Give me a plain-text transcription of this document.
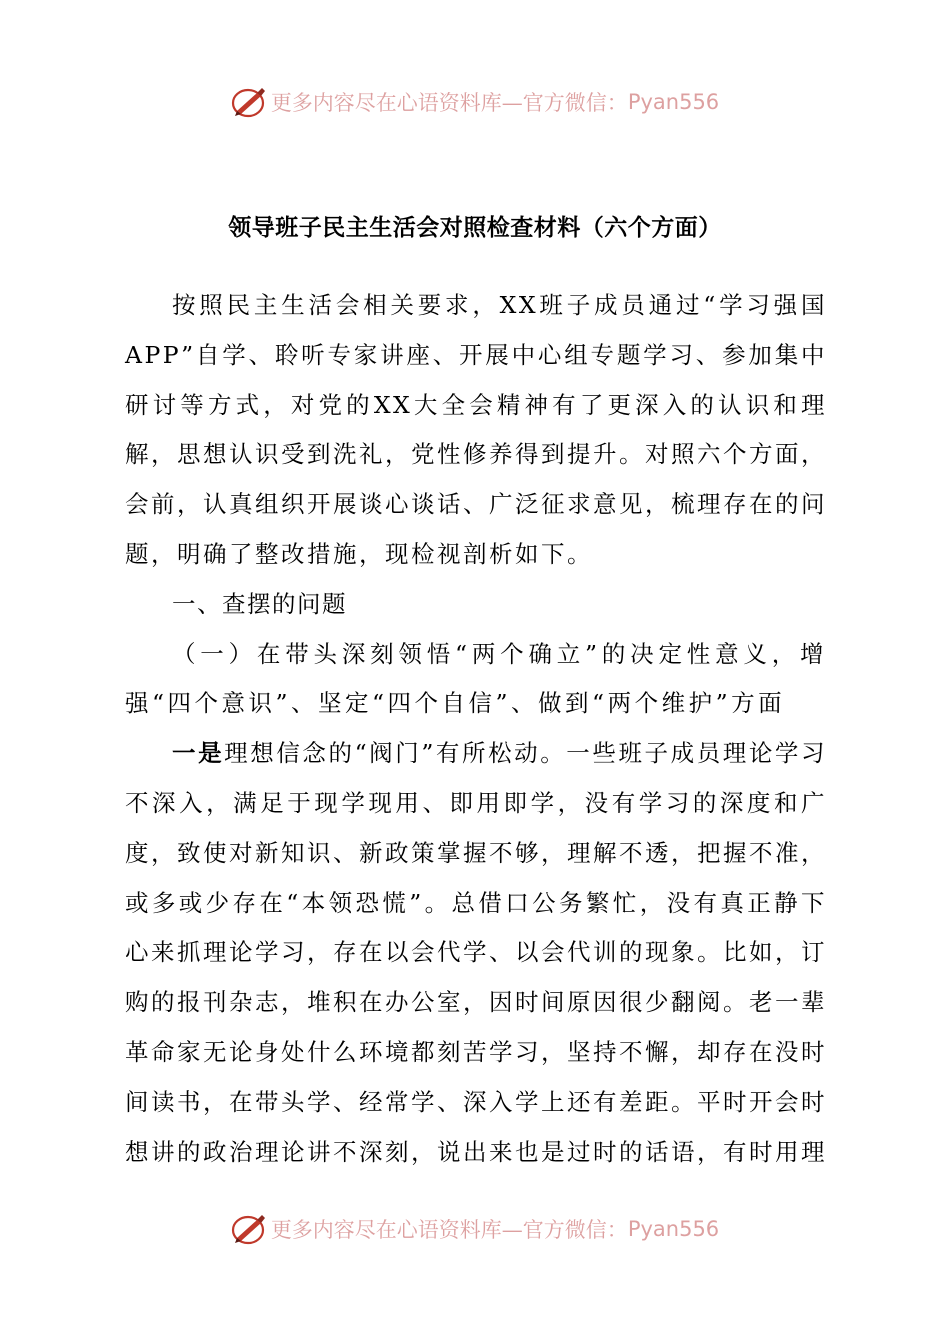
更多内容尽在心语资料库—官方微信： Pyan556
领导班子民主生活会对照检查材料（六个方面）

按照民主生活会相关要求，XX班子成员通过“学习强国APP”自学、聆听专家讲座、开展中心组专题学习、参加集中研讨等方式，对党的XX大全会精神有了更深入的认识和理解，思想认识受到洗礼，党性修养得到提升。对照六个方面，会前，认真组织开展谈心谈话、广泛征求意见，梳理存在的问题，明确了整改措施，现检视剖析如下。

一、查摆的问题

（一）在带头深刻领悟“两个确立”的决定性意义，增强“四个意识”、坚定“四个自信”、做到“两个维护”方面

一是理想信念的“阀门”有所松动。一些班子成员理论学习不深入，满足于现学现用、即用即学，没有学习的深度和广度，致使对新知识、新政策掌握不够，理解不透，把握不准，或多或少存在“本领恐慌”。总借口公务繁忙，没有真正静下心来抓理论学习，存在以会代学、以会代训的现象。比如，订购的报刊杂志，堆积在办公室，因时间原因很少翻阅。老一辈革命家无论身处什么环境都刻苦学习，坚持不懈，却存在没时间读书，在带头学、经常学、深入学上还有差距。平时开会时想讲的政治理论讲不深刻，说出来也是过时的话语，有时用理

更多内容尽在心语资料库—官方微信： Pyan556
